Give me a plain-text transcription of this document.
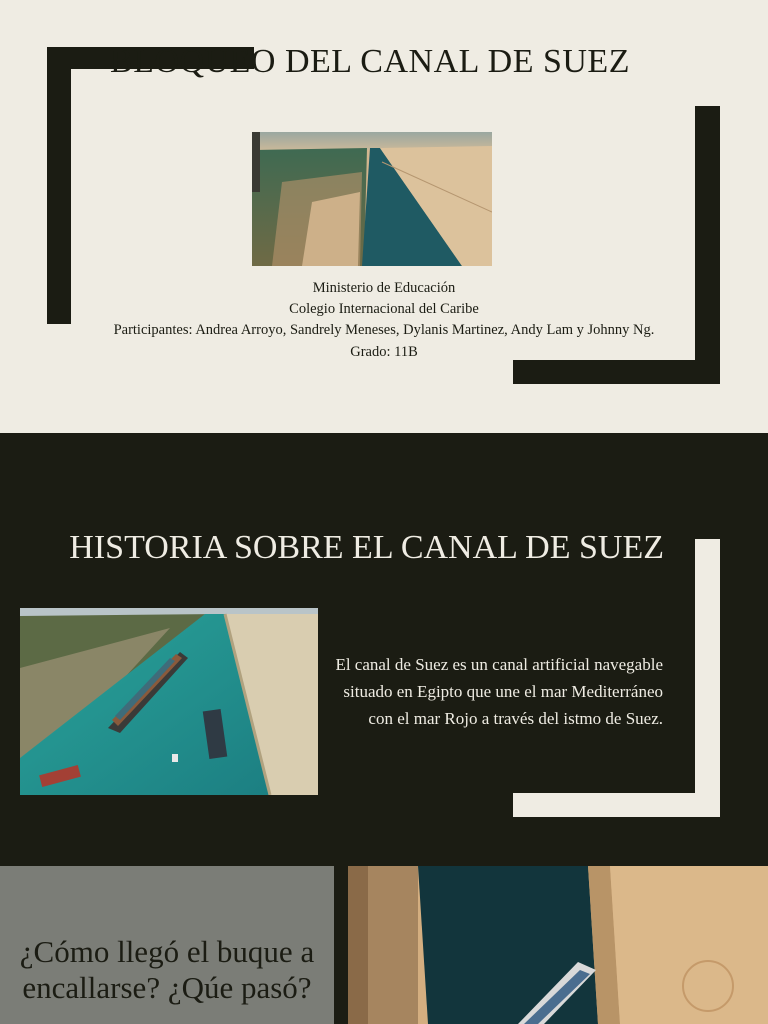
BLOQUEO DEL CANAL DE SUEZ
Ministerio de Educación
Colegio Internacional del Caribe
Participantes: Andrea Arroyo, Sandrely Meneses, Dylanis Martinez, Andy Lam y Johnny Ng.
Grado: 11B
HISTORIA SOBRE EL CANAL DE SUEZ
El canal de Suez es un canal artificial navegable situado en Egipto que une el mar Mediterráneo con el mar Rojo a través del istmo de Suez.
¿Cómo llegó el buque a encallarse? ¿Qúe pasó?
